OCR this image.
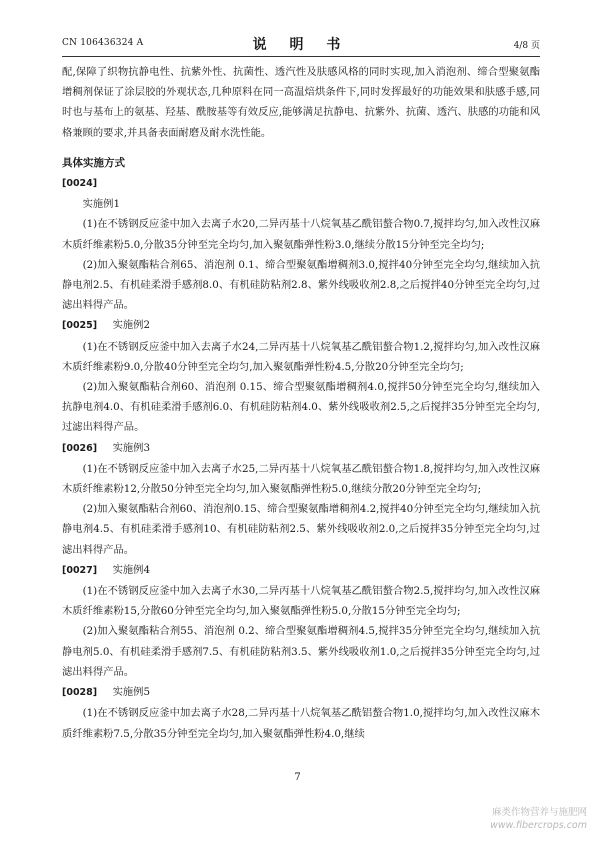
CN 106436324 A	说 明 书	4/8 页

配,保障了织物抗静电性、抗紫外性、抗菌性、透汽性及肤感风格的同时实现,加入消泡剂、缔合型聚氨酯增稠剂保证了涂层胶的外观状态,几种原料在同一高温焙烘条件下,同时发挥最好的功能效果和肤感手感,同时也与基布上的氨基、羟基、酰胺基等有效反应,能够满足抗静电、抗紫外、抗菌、透汽、肤感的功能和风格兼顾的要求,并具备表面耐磨及耐水洗性能。

具体实施方式
[0024]

实施例1

(1)在不锈钢反应釜中加入去离子水20,二异丙基十八烷氧基乙酰铝螯合物0.7,搅拌均匀,加入改性汉麻木质纤维素粉5.0,分散35分钟至完全均匀,加入聚氨酯弹性粉3.0,继续分散15分钟至完全均匀;

(2)加入聚氨酯粘合剂65、消泡剂 0.1、缔合型聚氨酯增稠剂3.0,搅拌40分钟至完全均匀,继续加入抗静电剂2.5、有机硅柔滑手感剂8.0、有机硅防粘剂2.8、紫外线吸收剂2.8,之后搅拌40分钟至完全均匀,过滤出料得产品。

[0025] 实施例2

(1)在不锈钢反应釜中加入去离子水24,二异丙基十八烷氧基乙酰铝螯合物1.2,搅拌均匀,加入改性汉麻木质纤维素粉9.0,分散40分钟至完全均匀,加入聚氨酯弹性粉4.5,分散20分钟至完全均匀;

(2)加入聚氨酯粘合剂60、消泡剂 0.15、缔合型聚氨酯增稠剂4.0,搅拌50分钟至完全均匀,继续加入抗静电剂4.0、有机硅柔滑手感剂6.0、有机硅防粘剂4.0、紫外线吸收剂2.5,之后搅拌35分钟至完全均匀,过滤出料得产品。

[0026] 实施例3

(1)在不锈钢反应釜中加入去离子水25,二异丙基十八烷氧基乙酰铝螯合物1.8,搅拌均匀,加入改性汉麻木质纤维素粉12,分散50分钟至完全均匀,加入聚氨酯弹性粉5.0,继续分散20分钟至完全均匀;

(2)加入聚氨酯粘合剂60、消泡剂0.15、缔合型聚氨酯增稠剂4.2,搅拌40分钟至完全均匀,继续加入抗静电剂4.5、有机硅柔滑手感剂10、有机硅防粘剂2.5、紫外线吸收剂2.0,之后搅拌35分钟至完全均匀,过滤出料得产品。

[0027] 实施例4

(1)在不锈钢反应釜中加入去离子水30,二异丙基十八烷氧基乙酰铝螯合物2.5,搅拌均匀,加入改性汉麻木质纤维素粉15,分散60分钟至完全均匀,加入聚氨酯弹性粉5.0,分散15分钟至完全均匀;

(2)加入聚氨酯粘合剂55、消泡剂 0.2、缔合型聚氨酯增稠剂4.5,搅拌35分钟至完全均匀,继续加入抗静电剂5.0、有机硅柔滑手感剂7.5、有机硅防粘剂3.5、紫外线吸收剂1.0,之后搅拌35分钟至完全均匀,过滤出料得产品。

[0028] 实施例5

(1)在不锈钢反应釜中加去离子水28,二异丙基十八烷氧基乙酰铝螯合物1.0,搅拌均匀,加入改性汉麻木质纤维素粉7.5,分散35分钟至完全均匀,加入聚氨酯弹性粉4.0,继续

7
麻类作物营养与施肥网
www.fibercrops.com
